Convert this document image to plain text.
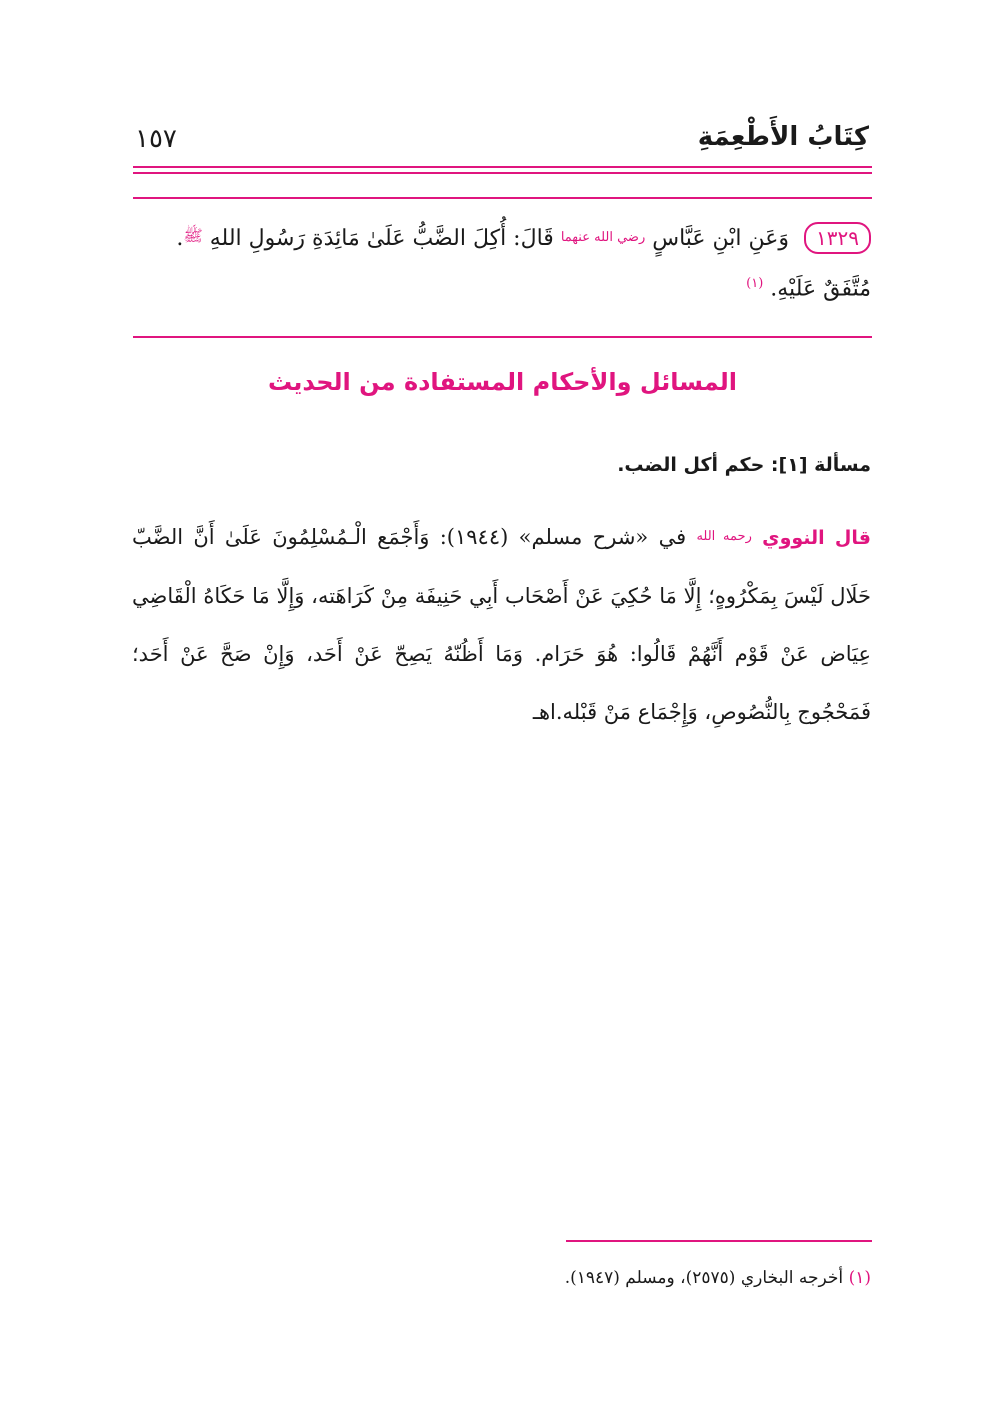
كِتَابُ الأَطْعِمَةِ
١٥٧
١٣٢٩ وَعَنِ ابْنِ عَبَّاسٍ رضي الله عنهما قَالَ: أُكِلَ الضَّبُّ عَلَىٰ مَائِدَةِ رَسُولِ اللهِ ﷺ.
مُتَّفَقٌ عَلَيْهِ. $^{(١)}$
المسائل والأحكام المستفادة من الحديث
مسألة [١]: حكم أكل الضب.
قال النووي رحمه الله في «شرح مسلم» (١٩٤٤): وَأَجْمَع الْـمُسْلِمُونَ عَلَىٰ أَنَّ الضَّبّ حَلَال لَيْسَ بِمَكْرُوهٍ؛ إِلَّا مَا حُكِيَ عَنْ أَصْحَاب أَبِي حَنِيفَة مِنْ كَرَاهَته، وَإِلَّا مَا حَكَاهُ الْقَاضِي عِيَاض عَنْ قَوْم أَنَّهُمْ قَالُوا: هُوَ حَرَام. وَمَا أَظُنّهُ يَصِحّ عَنْ أَحَد، وَإِنْ صَحَّ عَنْ أَحَد؛ فَمَحْجُوج بِالنُّصُوصِ، وَإِجْمَاع مَنْ قَبْله.اهـ
(١) أخرجه البخاري (٢٥٧٥)، ومسلم (١٩٤٧).
